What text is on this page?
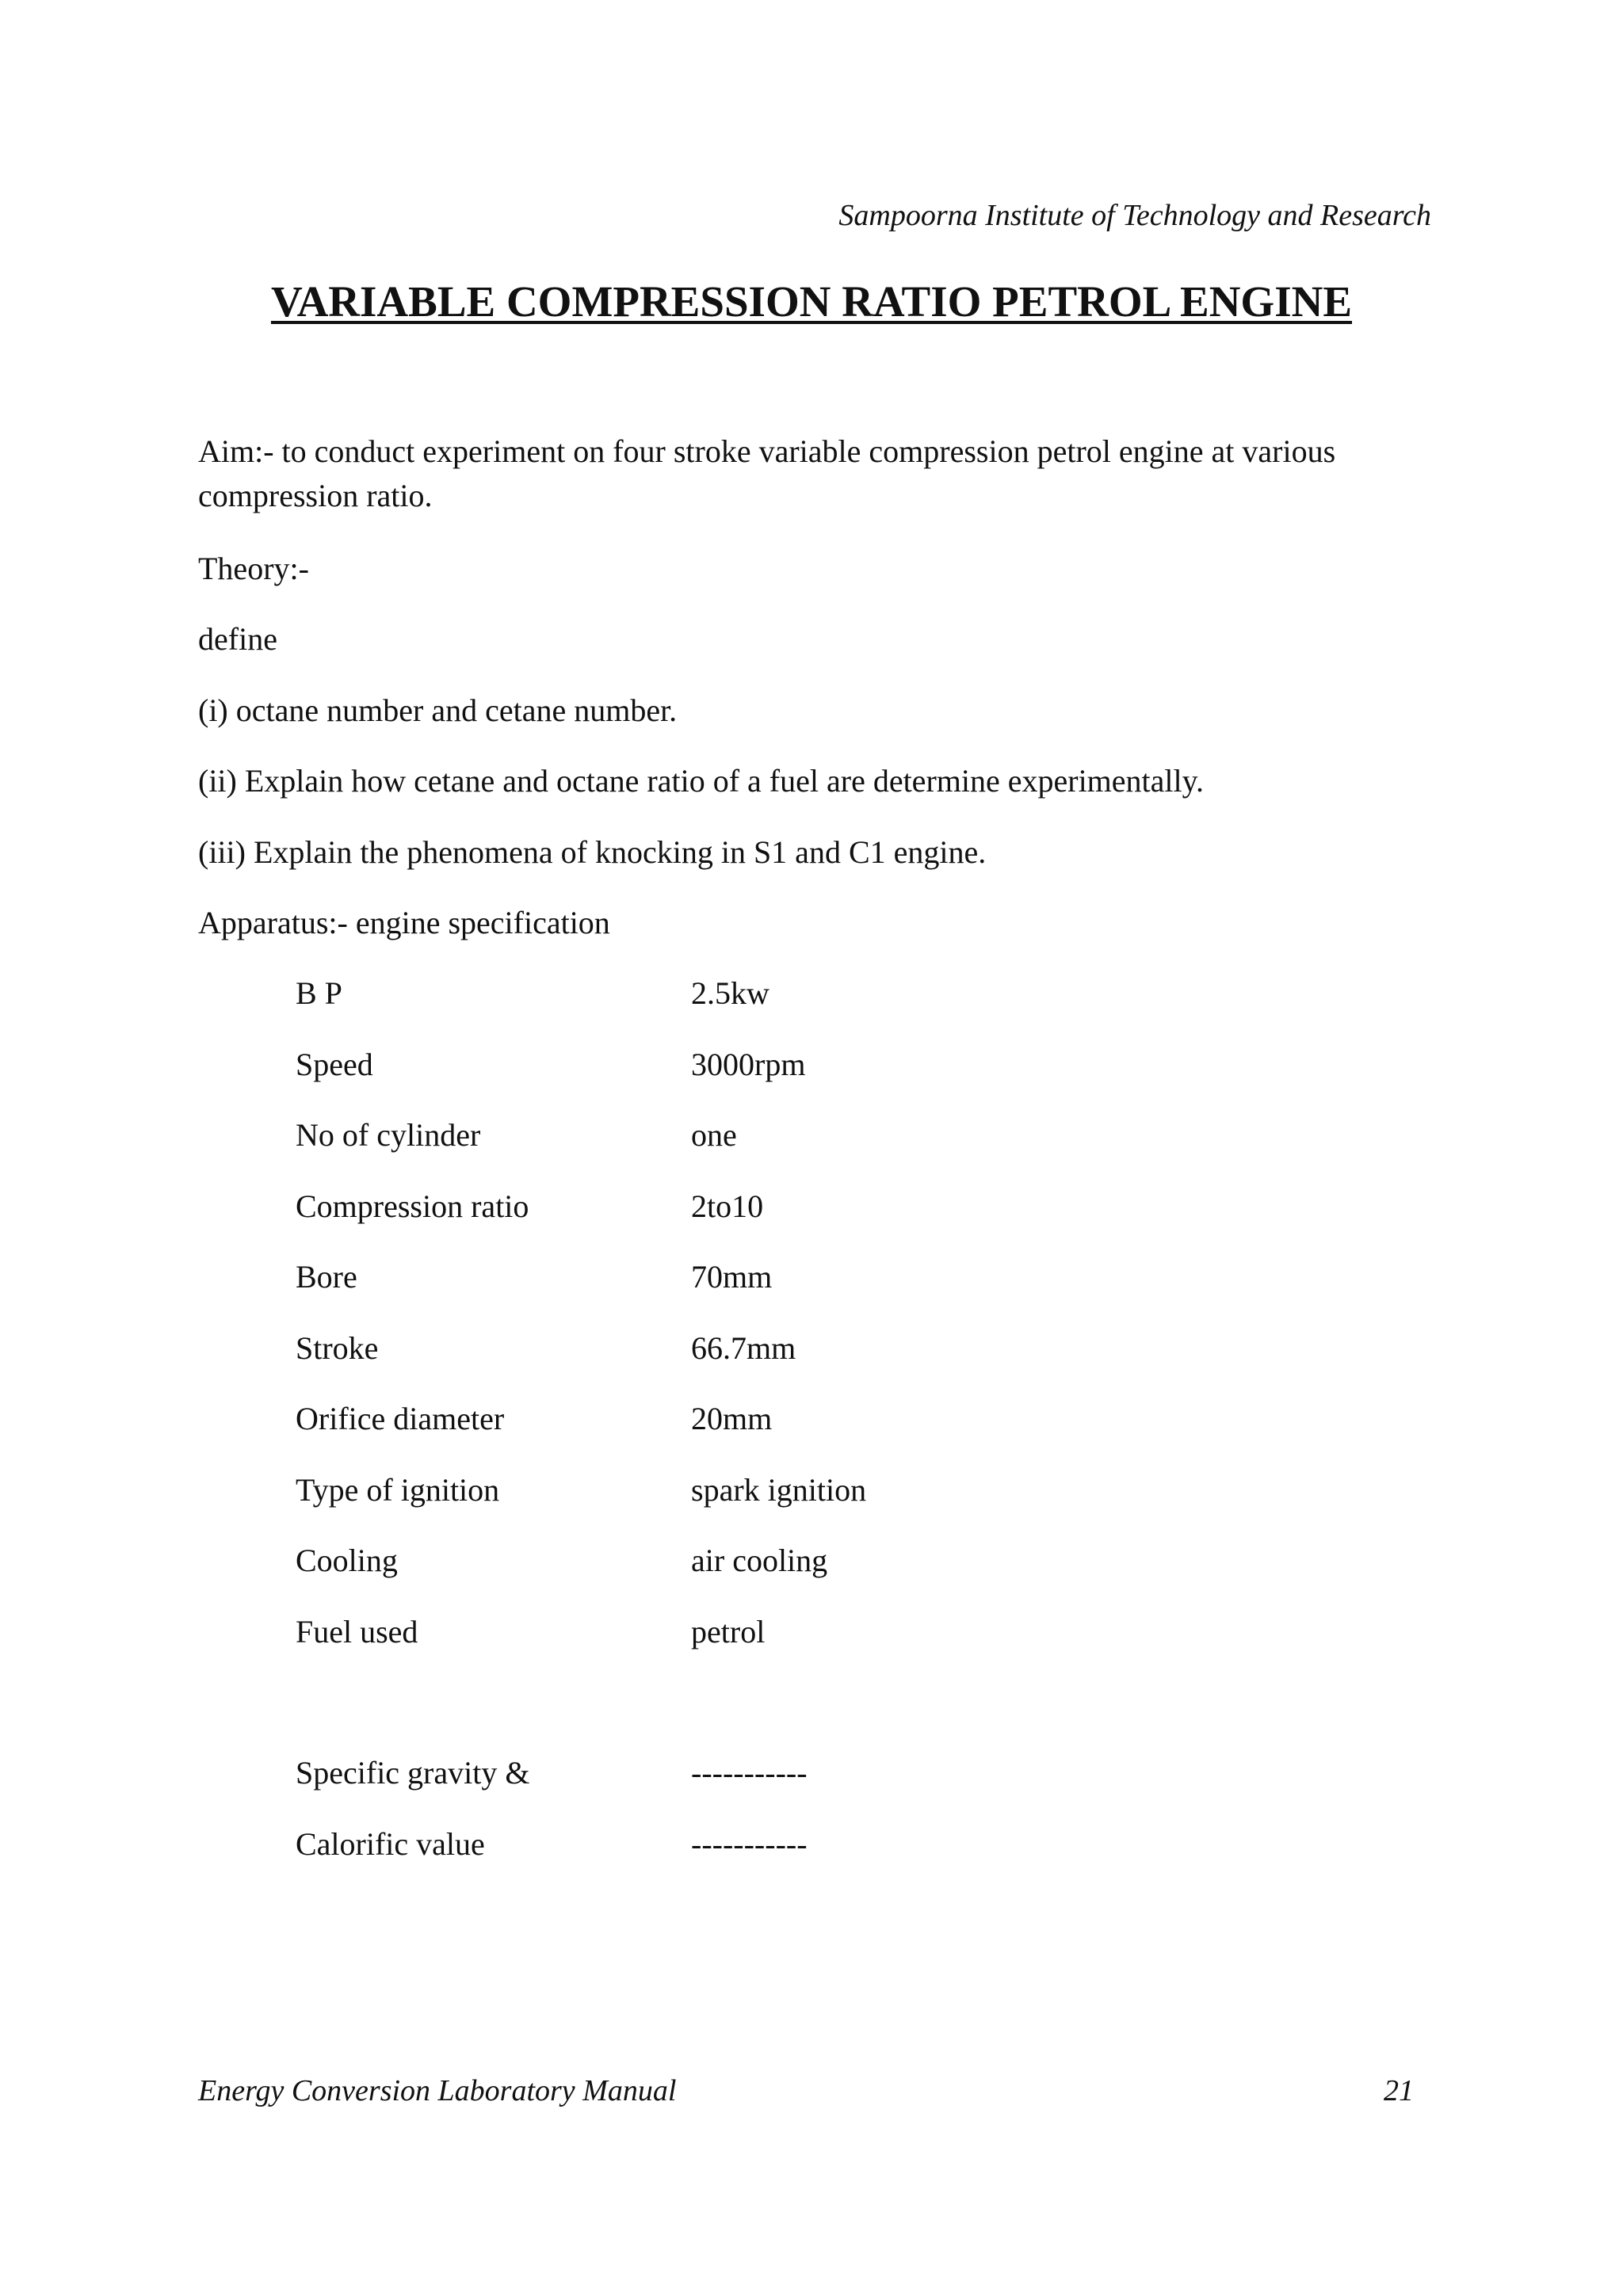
Sampoorna Institute of Technology and Research
VARIABLE COMPRESSION RATIO PETROL ENGINE
Aim:- to conduct experiment on four stroke variable compression petrol engine at various compression ratio.
Theory:-
define
(i) octane number and cetane number.
(ii) Explain how cetane and octane ratio of a fuel are determine experimentally.
(iii) Explain the phenomena of knocking in S1 and C1 engine.
Apparatus:- engine specification
B P	2.5kw
Speed	3000rpm
No of cylinder	one
Compression ratio	2to10
Bore	70mm
Stroke	66.7mm
Orifice diameter	20mm
Type of ignition	spark ignition
Cooling	air cooling
Fuel used	petrol
Specific gravity &	-----------
Calorific value	-----------
Energy Conversion Laboratory Manual	21
